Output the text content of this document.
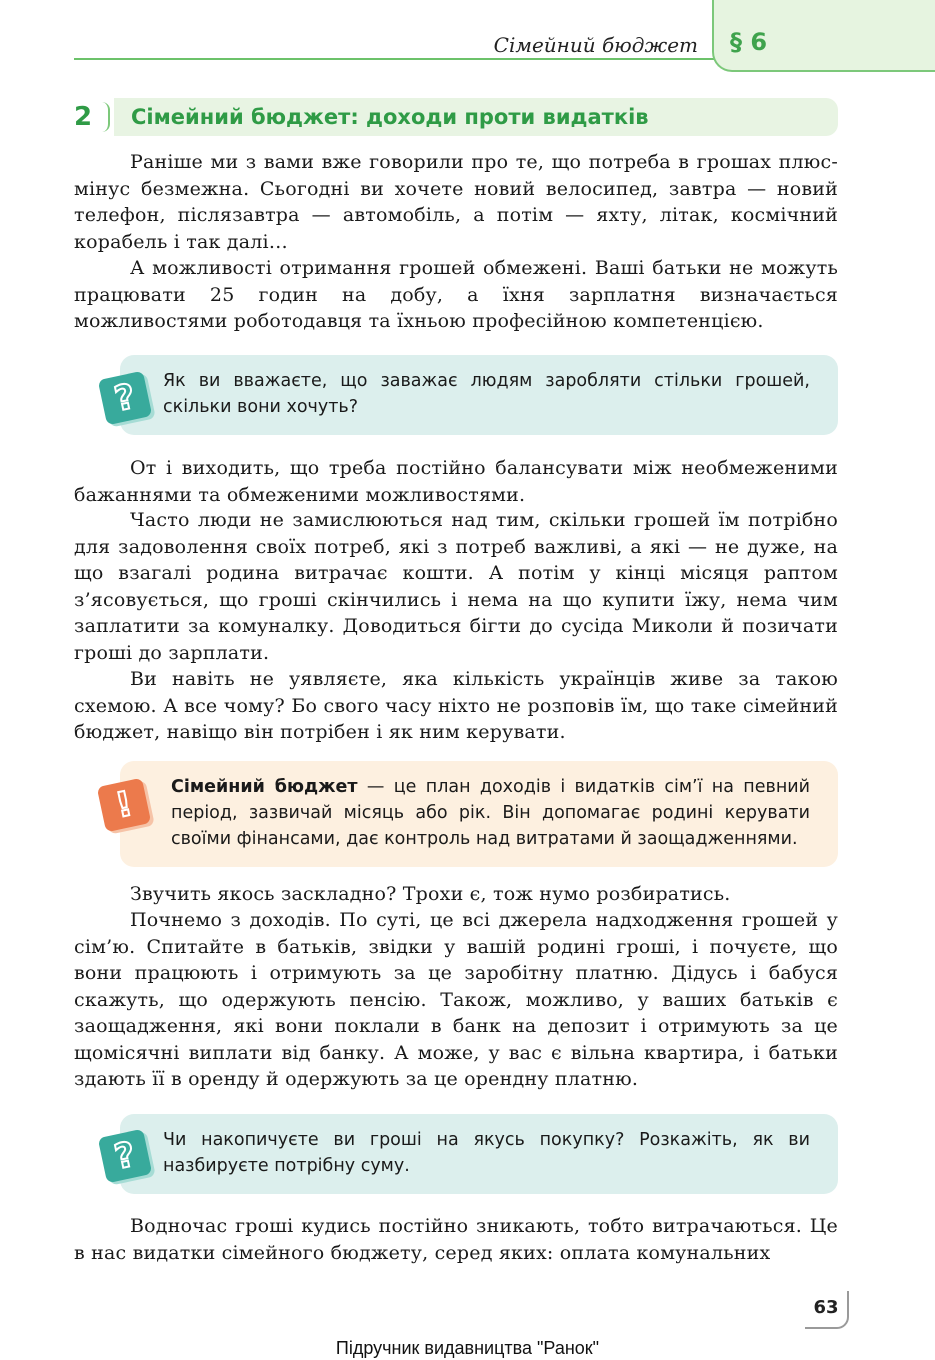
Сімейний бюджет § 6
2	Сімейний бюджет: доходи проти видатків
Раніше ми з вами вже говорили про те, що потреба в грошах плюс-мінус безмежна. Сьогодні ви хочете новий велосипед, завтра — новий телефон, післязавтра — автомобіль, а потім — яхту, літак, космічний корабель і так далі…
А можливості отримання грошей обмежені. Ваші батьки не можуть працювати 25 годин на добу, а їхня зарплатня визначається можливостями роботодавця та їхньою професійною компетенцією.
Як ви вважаєте, що заважає людям заробляти стільки грошей, скільки вони хочуть?
?
От і виходить, що треба постійно балансувати між необмеженими бажаннями та обмеженими можливостями.
Часто люди не замислюються над тим, скільки грошей їм потрібно для задоволення своїх потреб, які з потреб важливі, а які — не дуже, на що взагалі родина витрачає кошти. А потім у кінці місяця раптом з’ясовується, що гроші скінчились і нема на що купити їжу, нема чим заплатити за комуналку. Доводиться бігти до сусіда Миколи й позичати гроші до зарплати.
Ви навіть не уявляєте, яка кількість українців живе за такою схемою. А все чому? Бо свого часу ніхто не розповів їм, що таке сімейний бюджет, навіщо він потрібен і як ним керувати.
Сімейний бюджет — це план доходів і видатків сім’ї на певний період, зазвичай місяць або рік. Він допомагає родині керувати своїми фінансами, дає контроль над витратами й заощадженнями.
!
Звучить якось заскладно? Трохи є, тож нумо розбиратись.
Почнемо з доходів. По суті, це всі джерела надходження грошей у сім’ю. Спитайте в батьків, звідки у вашій родині гроші, і почуєте, що вони працюють і отримують за це заробітну платню. Дідусь і бабуся скажуть, що одержують пенсію. Також, можливо, у ваших батьків є заощадження, які вони поклали в банк на депозит і отримують за це щомісячні виплати від банку. А може, у вас є вільна квартира, і батьки здають її в оренду й одержують за це орендну платню.
Чи накопичуєте ви гроші на якусь покупку? Розкажіть, як ви назбируєте потрібну суму.
?
Водночас гроші кудись постійно зникають, тобто витрачаються. Це в нас видатки сімейного бюджету, серед яких: оплата комунальних
63
Підручник видавництва "Ранок"
